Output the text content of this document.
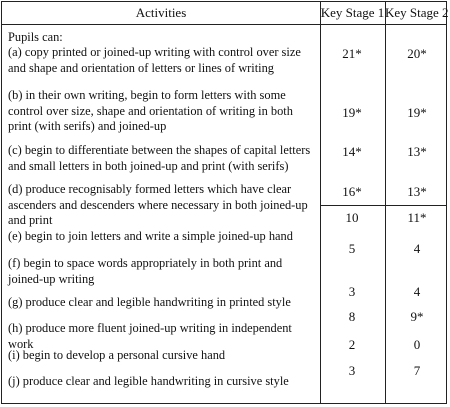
Activities	Key Stage 1 Key Stage 2
Pupils can:
(a) copy printed or joined-up writing with control over size and shape and orientation of letters or lines of writing
21*	20*
(b) in their own writing, begin to form letters with some control over size, shape and orientation of writing in both print (with serifs) and joined-up
19*	19*
(c) begin to differentiate between the shapes of capital letters and small letters in both joined-up and print (with serifs)
14*	13*
(d) produce recognisably formed letters which have clear ascenders and descenders where necessary in both joined-up and print
16*	13*
(e) begin to join letters and write a simple joined-up hand
10	11*
(f) begin to space words appropriately in both print and joined-up writing
5	4
(g) produce clear and legible handwriting in printed style
3	4
(h) produce more fluent joined-up writing in independent work
8	9*
(i) begin to develop a personal cursive hand
2	0
(j) produce clear and legible handwriting in cursive style
3	7
